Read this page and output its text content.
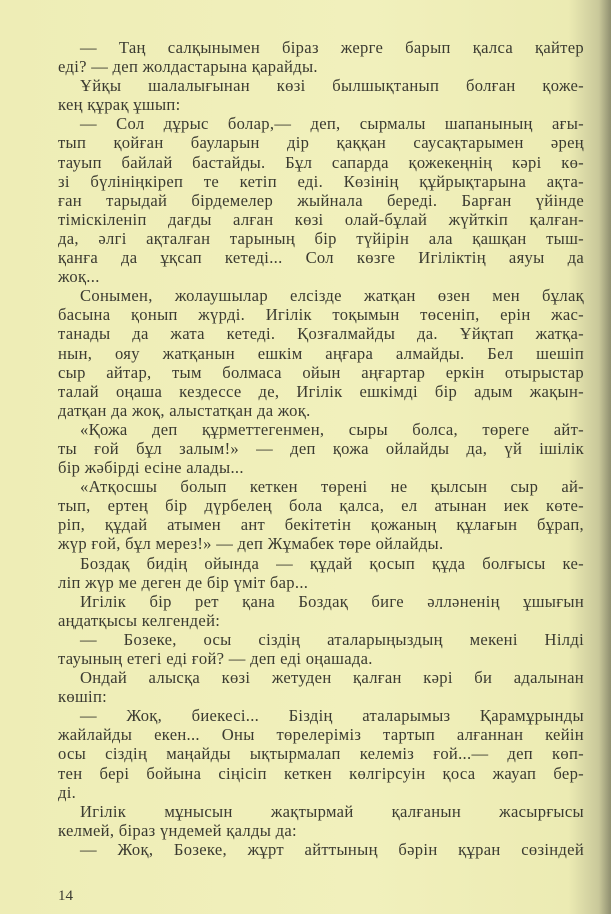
— Таң салқынымен біраз жерге барып қалса қайтер
еді? — деп жолдастарына қарайды.
Ұйқы шалалығынан көзі былшықтанып болған қоже-
кең құрақ ұшып:
— Сол дұрыс болар,— деп, сырмалы шапанының ағы-
тып қойған бауларын дір қаққан саусақтарымен әрең
тауып байлай бастайды. Бұл сапарда қожекеңнің кәрі кө-
зі бүлініңкіреп те кетіп еді. Көзінің құйрықтарына ақта-
ған тарыдай бірдемелер жыйнала береді. Барған үйінде
тіміскіленіп дағды алған көзі олай-бұлай жүйткіп қалған-
да, әлгі ақталған тарының бір түйірін ала қашқан тыш-
қанға да ұқсап кетеді... Сол көзге Игіліктің аяуы да
жоқ...
Сонымен, жолаушылар елсізде жатқан өзен мен бұлақ
басына қонып жүрді. Игілік тоқымын төсеніп, ерін жас-
танады да жата кетеді. Қозғалмайды да. Ұйқтап жатқа-
нын, ояу жатқанын ешкім аңғара алмайды. Бел шешіп
сыр айтар, тым болмаса ойын аңғартар еркін отырыстар
талай оңаша кездессе де, Игілік ешкімді бір адым жақын-
датқан да жоқ, алыстатқан да жоқ.
«Қожа деп құрметтегенмен, сыры болса, төреге айт-
ты ғой бұл залым!» — деп қожа ойлайды да, үй ішілік
бір жәбірді есіне алады...
«Атқосшы болып кеткен төрені не қылсын сыр ай-
тып, ертең бір дүрбелең бола қалса, ел атынан иек көте-
ріп, құдай атымен ант бекітетін қожаның құлағын бұрап,
жүр ғой, бұл мерез!» — деп Жұмабек төре ойлайды.
Боздақ бидің ойында — құдай қосып құда болғысы ке-
ліп жүр ме деген де бір үміт бар...
Игілік бір рет қана Боздақ биге әлләненің ұшығын
аңдатқысы келгендей:
— Бозеке, осы сіздің аталарыңыздың мекені Нілді
тауының етегі еді ғой? — деп еді оңашада.
Ондай алысқа көзі жетуден қалған кәрі би адалынан
көшіп:
— Жоқ, биекесі... Біздің аталарымыз Қарамұрынды
жайлайды екен... Оны төрелеріміз тартып алғаннан кейін
осы сіздің маңайды ықтырмалап келеміз ғой...— деп көп-
тен бері бойына сіңісіп кеткен көлгірсуін қоса жауап бер-
ді.
Игілік мұнысын жақтырмай қалғанын жасырғысы
келмей, біраз үндемей қалды да:
— Жоқ, Бозеке, жұрт айттының бәрін құран сөзіндей
14
